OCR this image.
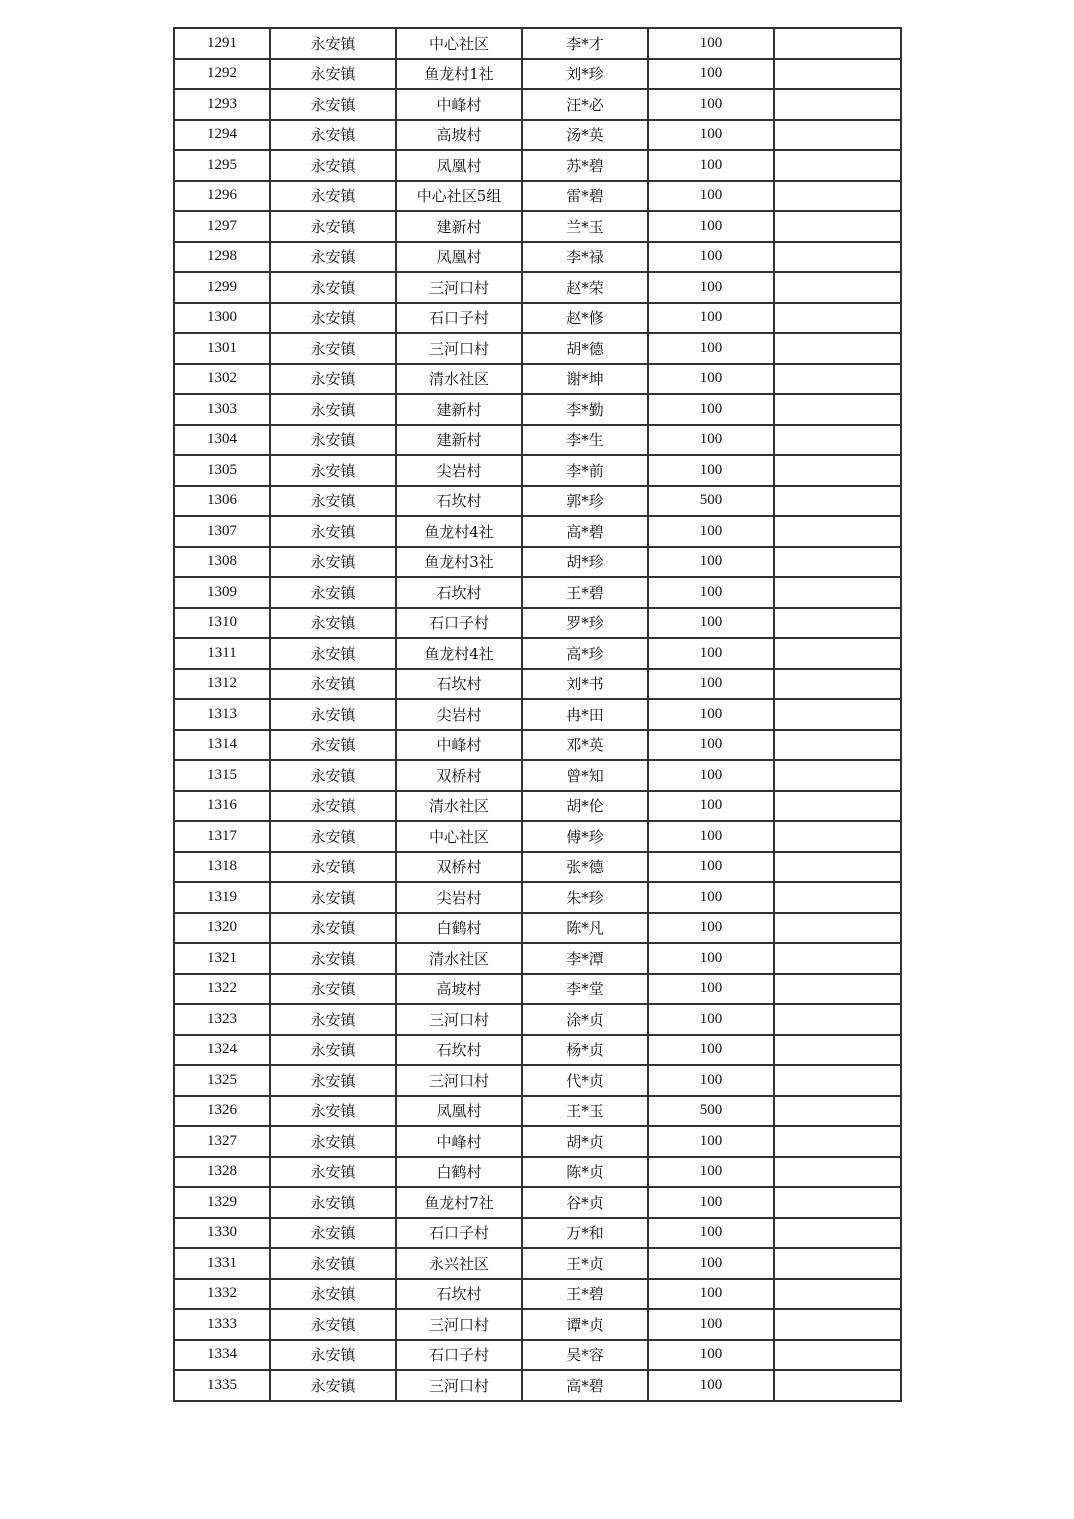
1291	永安镇	中心社区	李*才	100	
1292	永安镇	鱼龙村1社	刘*珍	100	
1293	永安镇	中峰村	汪*必	100	
1294	永安镇	高坡村	汤*英	100	
1295	永安镇	凤凰村	苏*碧	100	
1296	永安镇	中心社区5组	雷*碧	100	
1297	永安镇	建新村	兰*玉	100	
1298	永安镇	凤凰村	李*禄	100	
1299	永安镇	三河口村	赵*荣	100	
1300	永安镇	石口子村	赵*修	100	
1301	永安镇	三河口村	胡*德	100	
1302	永安镇	清水社区	谢*坤	100	
1303	永安镇	建新村	李*勤	100	
1304	永安镇	建新村	李*生	100	
1305	永安镇	尖岩村	李*前	100	
1306	永安镇	石坎村	郭*珍	500	
1307	永安镇	鱼龙村4社	高*碧	100	
1308	永安镇	鱼龙村3社	胡*珍	100	
1309	永安镇	石坎村	王*碧	100	
1310	永安镇	石口子村	罗*珍	100	
1311	永安镇	鱼龙村4社	高*珍	100	
1312	永安镇	石坎村	刘*书	100	
1313	永安镇	尖岩村	冉*田	100	
1314	永安镇	中峰村	邓*英	100	
1315	永安镇	双桥村	曾*知	100	
1316	永安镇	清水社区	胡*伦	100	
1317	永安镇	中心社区	傅*珍	100	
1318	永安镇	双桥村	张*德	100	
1319	永安镇	尖岩村	朱*珍	100	
1320	永安镇	白鹤村	陈*凡	100	
1321	永安镇	清水社区	李*潭	100	
1322	永安镇	高坡村	李*堂	100	
1323	永安镇	三河口村	涂*贞	100	
1324	永安镇	石坎村	杨*贞	100	
1325	永安镇	三河口村	代*贞	100	
1326	永安镇	凤凰村	王*玉	500	
1327	永安镇	中峰村	胡*贞	100	
1328	永安镇	白鹤村	陈*贞	100	
1329	永安镇	鱼龙村7社	谷*贞	100	
1330	永安镇	石口子村	万*和	100	
1331	永安镇	永兴社区	王*贞	100	
1332	永安镇	石坎村	王*碧	100	
1333	永安镇	三河口村	谭*贞	100	
1334	永安镇	石口子村	吴*容	100	
1335	永安镇	三河口村	高*碧	100	
